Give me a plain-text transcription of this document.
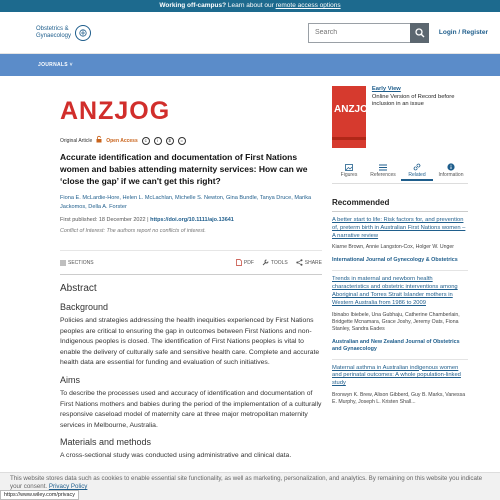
Working off-campus? Learn about our remote access options
Obstetrics &
Gynaecology
Search	Login / Register
JOURNALS ˅
ANZJOG
Original Article	Open Access	c	i	$	=
Accurate identification and documentation of First Nations women and babies attending maternity services: How can we ‘close the gap’ if we can't get this right?
Fiona E. McLardie-Hore, Helen L. McLachlan, Michelle S. Newton, Gina Bundle, Tanya Druce, Marika Jackomos, Della A. Forster
First published: 18 December 2022 | https://doi.org/10.1111/ajo.13641
Conflict of Interest: The authors report no conflicts of interest.
SECTIONS	PDF	TOOLS	SHARE
Abstract
Background

Policies and strategies addressing the health inequities experienced by First Nations peoples are critical to ensuring the gap in outcomes between First Nations and non-Indigenous peoples is closed. The identification of First Nations peoples is vital to enable the delivery of culturally safe and sensitive health care. Complete and accurate health data are essential for funding and evaluation of such initiatives.

Aims

To describe the processes used and accuracy of identification and documentation of First Nations mothers and babies during the period of the implementation of a culturally responsive caseload model of maternity care at three major metropolitan maternity services in Melbourne, Australia.

Materials and methods

A cross-sectional study was conducted using administrative and clinical data.

ANZJOG
Early View
Online Version of Record before inclusion in an issue
Figures	References	Related	Information
Recommended
A better start to life: Risk factors for, and prevention of, preterm birth in Australian First Nations women – A narrative review
Kiarne Brown, Annie Langston-Cox, Holger W. Unger
International Journal of Gynecology & Obstetrics
Trends in maternal and newborn health characteristics and obstetric interventions among Aboriginal and Torres Strait Islander mothers in Western Australia from 1986 to 2009
Ibinabo Ibiebele, Una Gubhaju, Catherine Chamberlain, Bridgette Mcnamara, Grace Joshy, Jeremy Oats, Fiona Stanley, Sandra Eades
Australian and New Zealand Journal of Obstetrics and Gynaecology
Maternal asthma in Australian indigenous women and perinatal outcomes: A whole population-linked study
Bronwyn K. Brew, Alison Gibberd, Guy B. Marks, Vanessa E. Murphy, Joseph L. Kristen Shall...
This website stores data such as cookies to enable essential site functionality, as well as marketing, personalization, and analytics. By remaining on this website you indicate your consent. Privacy Policy
https://www.wiley.com/privacy
